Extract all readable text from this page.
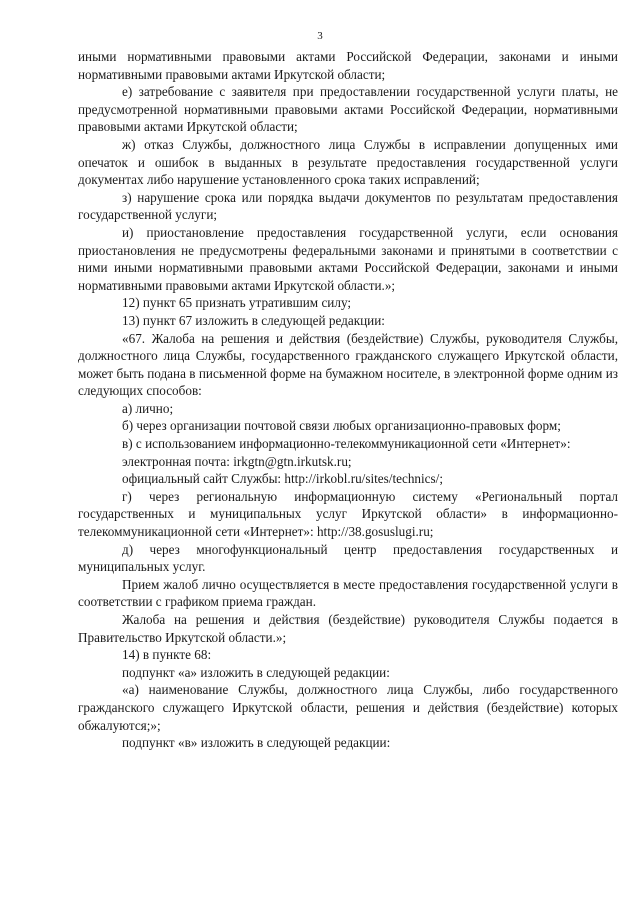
3

иными нормативными правовыми актами Российской Федерации, законами и иными нормативными правовыми актами Иркутской области;

е) затребование с заявителя при предоставлении государственной услуги платы, не предусмотренной нормативными правовыми актами Российской Федерации, нормативными правовыми актами Иркутской области;

ж) отказ Службы, должностного лица Службы в исправлении допущенных ими опечаток и ошибок в выданных в результате предоставления государственной услуги документах либо нарушение установленного срока таких исправлений;

з) нарушение срока или порядка выдачи документов по результатам предоставления государственной услуги;

и) приостановление предоставления государственной услуги, если основания приостановления не предусмотрены федеральными законами и принятыми в соответствии с ними иными нормативными правовыми актами Российской Федерации, законами и иными нормативными правовыми актами Иркутской области.»;

12) пункт 65 признать утратившим силу;

13) пункт 67 изложить в следующей редакции:

«67. Жалоба на решения и действия (бездействие) Службы, руководителя Службы, должностного лица Службы, государственного гражданского служащего Иркутской области, может быть подана в письменной форме на бумажном носителе, в электронной форме одним из следующих способов:

а) лично;

б) через организации почтовой связи любых организационно-правовых форм;

в) с использованием информационно-телекоммуникационной сети «Интернет»:

электронная почта: irkgtn@gtn.irkutsk.ru;

официальный сайт Службы: http://irkobl.ru/sites/technics/;

г) через региональную информационную систему «Региональный портал государственных и муниципальных услуг Иркутской области» в информационно-телекоммуникационной сети «Интернет»: http://38.gosuslugi.ru;

д) через многофункциональный центр предоставления государственных и муниципальных услуг.

Прием жалоб лично осуществляется в месте предоставления государственной услуги в соответствии с графиком приема граждан.

Жалоба на решения и действия (бездействие) руководителя Службы подается в Правительство Иркутской области.»;

14) в пункте 68:

подпункт «а» изложить в следующей редакции:

«а) наименование Службы, должностного лица Службы, либо государственного гражданского служащего Иркутской области, решения и действия (бездействие) которых обжалуются;»;

подпункт «в» изложить в следующей редакции:
